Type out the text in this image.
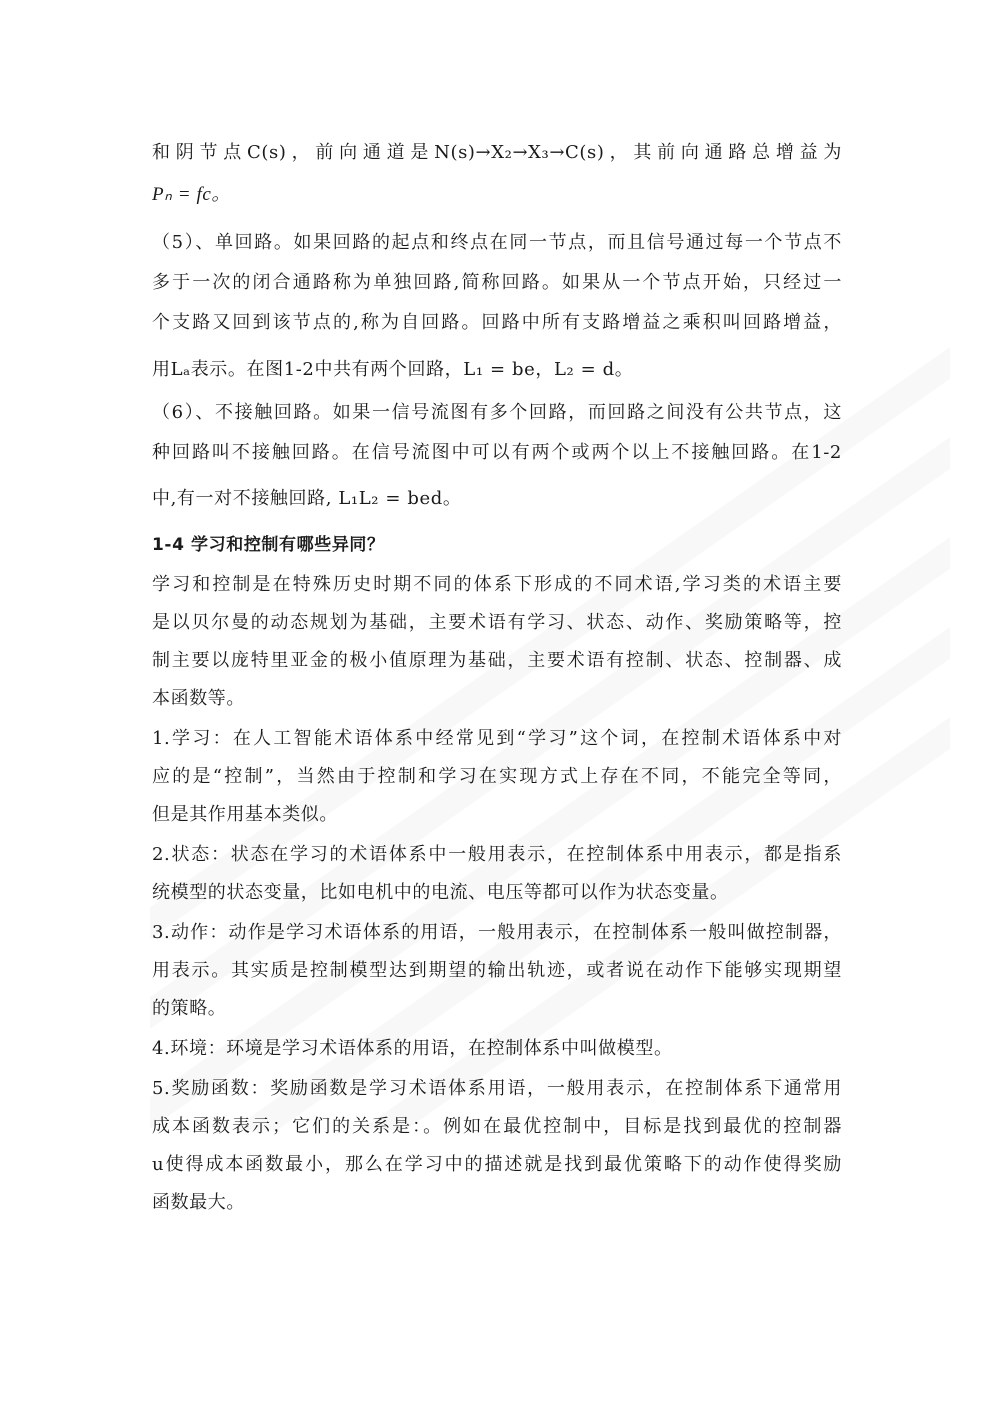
和阴节点C(s)，前向通道是N(s)→X₂→X₃→C(s)，其前向通路总增益为
Pₙ = fc。
（5）、单回路。如果回路的起点和终点在同一节点，而且信号通过每一个节点不
多于一次的闭合通路称为单独回路,简称回路。如果从一个节点开始，只经过一
个支路又回到该节点的,称为自回路。回路中所有支路增益之乘积叫回路增益，
用Lₐ表示。在图1-2中共有两个回路，L₁ = be，L₂ = d。
（6）、不接触回路。如果一信号流图有多个回路，而回路之间没有公共节点，这
种回路叫不接触回路。在信号流图中可以有两个或两个以上不接触回路。在1-2
中,有一对不接触回路, L₁L₂ = bed。
1-4 学习和控制有哪些异同？
学习和控制是在特殊历史时期不同的体系下形成的不同术语,学习类的术语主要
是以贝尔曼的动态规划为基础，主要术语有学习、状态、动作、奖励策略等，控
制主要以庞特里亚金的极小值原理为基础，主要术语有控制、状态、控制器、成
本函数等。
1.学习：在人工智能术语体系中经常见到“学习”这个词，在控制术语体系中对
应的是“控制”，当然由于控制和学习在实现方式上存在不同，不能完全等同，
但是其作用基本类似。
2.状态：状态在学习的术语体系中一般用表示，在控制体系中用表示，都是指系
统模型的状态变量，比如电机中的电流、电压等都可以作为状态变量。
3.动作：动作是学习术语体系的用语，一般用表示，在控制体系一般叫做控制器，
用表示。其实质是控制模型达到期望的输出轨迹，或者说在动作下能够实现期望
的策略。
4.环境：环境是学习术语体系的用语，在控制体系中叫做模型。
5.奖励函数：奖励函数是学习术语体系用语，一般用表示，在控制体系下通常用
成本函数表示；它们的关系是：。例如在最优控制中，目标是找到最优的控制器
u使得成本函数最小，那么在学习中的描述就是找到最优策略下的动作使得奖励
函数最大。
